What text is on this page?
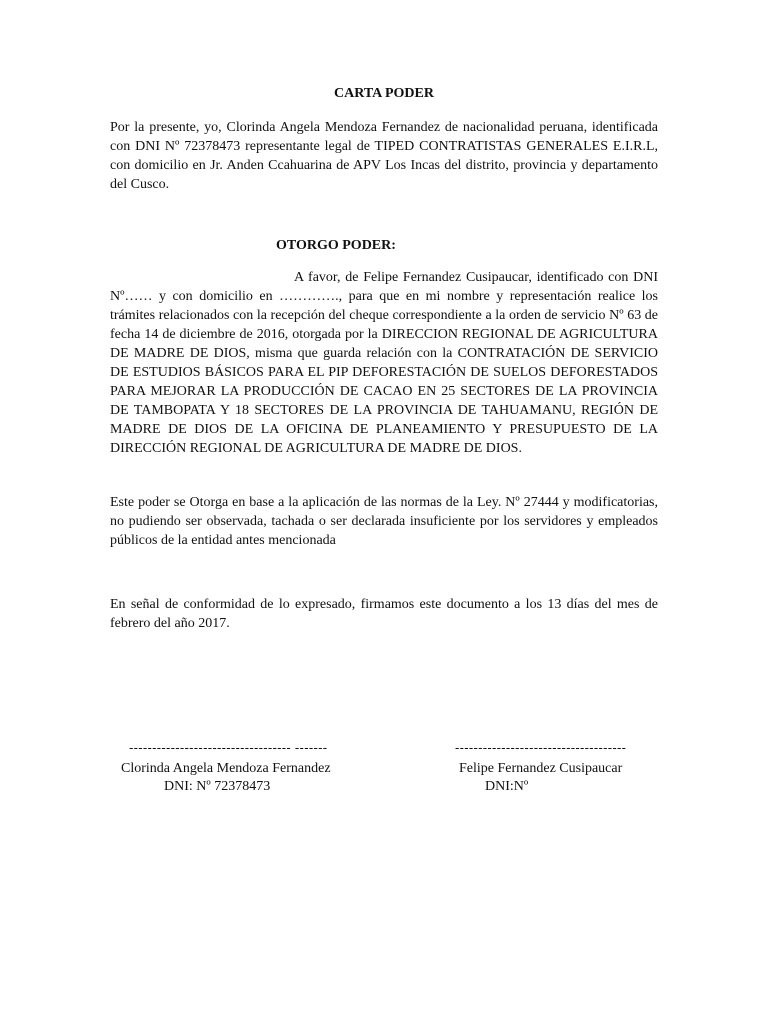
CARTA PODER
Por la presente, yo, Clorinda Angela Mendoza Fernandez de nacionalidad peruana, identificada con DNI Nº 72378473 representante legal de TIPED CONTRATISTAS GENERALES E.I.R.L, con domicilio en Jr. Anden Ccahuarina de APV Los Incas del distrito, provincia y departamento del Cusco.
OTORGO PODER:
A favor, de Felipe Fernandez Cusipaucar, identificado con DNI Nº…… y con domicilio en …………., para que en mi nombre y representación realice los trámites relacionados con la recepción del cheque correspondiente a la orden de servicio Nº 63 de fecha 14 de diciembre de 2016, otorgada por la DIRECCION REGIONAL DE AGRICULTURA DE MADRE DE DIOS, misma que guarda relación con la CONTRATACIÓN DE SERVICIO DE ESTUDIOS BÁSICOS PARA EL PIP DEFORESTACIÓN DE SUELOS DEFORESTADOS PARA MEJORAR LA PRODUCCIÓN DE CACAO EN 25 SECTORES DE LA PROVINCIA DE TAMBOPATA Y 18 SECTORES DE LA PROVINCIA DE TAHUAMANU, REGIÓN DE MADRE DE DIOS DE LA OFICINA DE PLANEAMIENTO Y PRESUPUESTO DE LA DIRECCIÓN REGIONAL DE AGRICULTURA DE MADRE DE DIOS.
Este poder se Otorga en base a la aplicación de las normas de la Ley. Nº 27444 y modificatorias, no pudiendo ser observada, tachada o ser declarada insuficiente por los servidores y empleados públicos de la entidad antes mencionada
En señal de conformidad de lo expresado, firmamos este documento a los 13 días del mes de febrero del año 2017.
----------------------------------- -------	-------------------------------------
Clorinda Angela Mendoza Fernandez	Felipe Fernandez Cusipaucar
DNI: Nº 72378473	DNI:Nº
